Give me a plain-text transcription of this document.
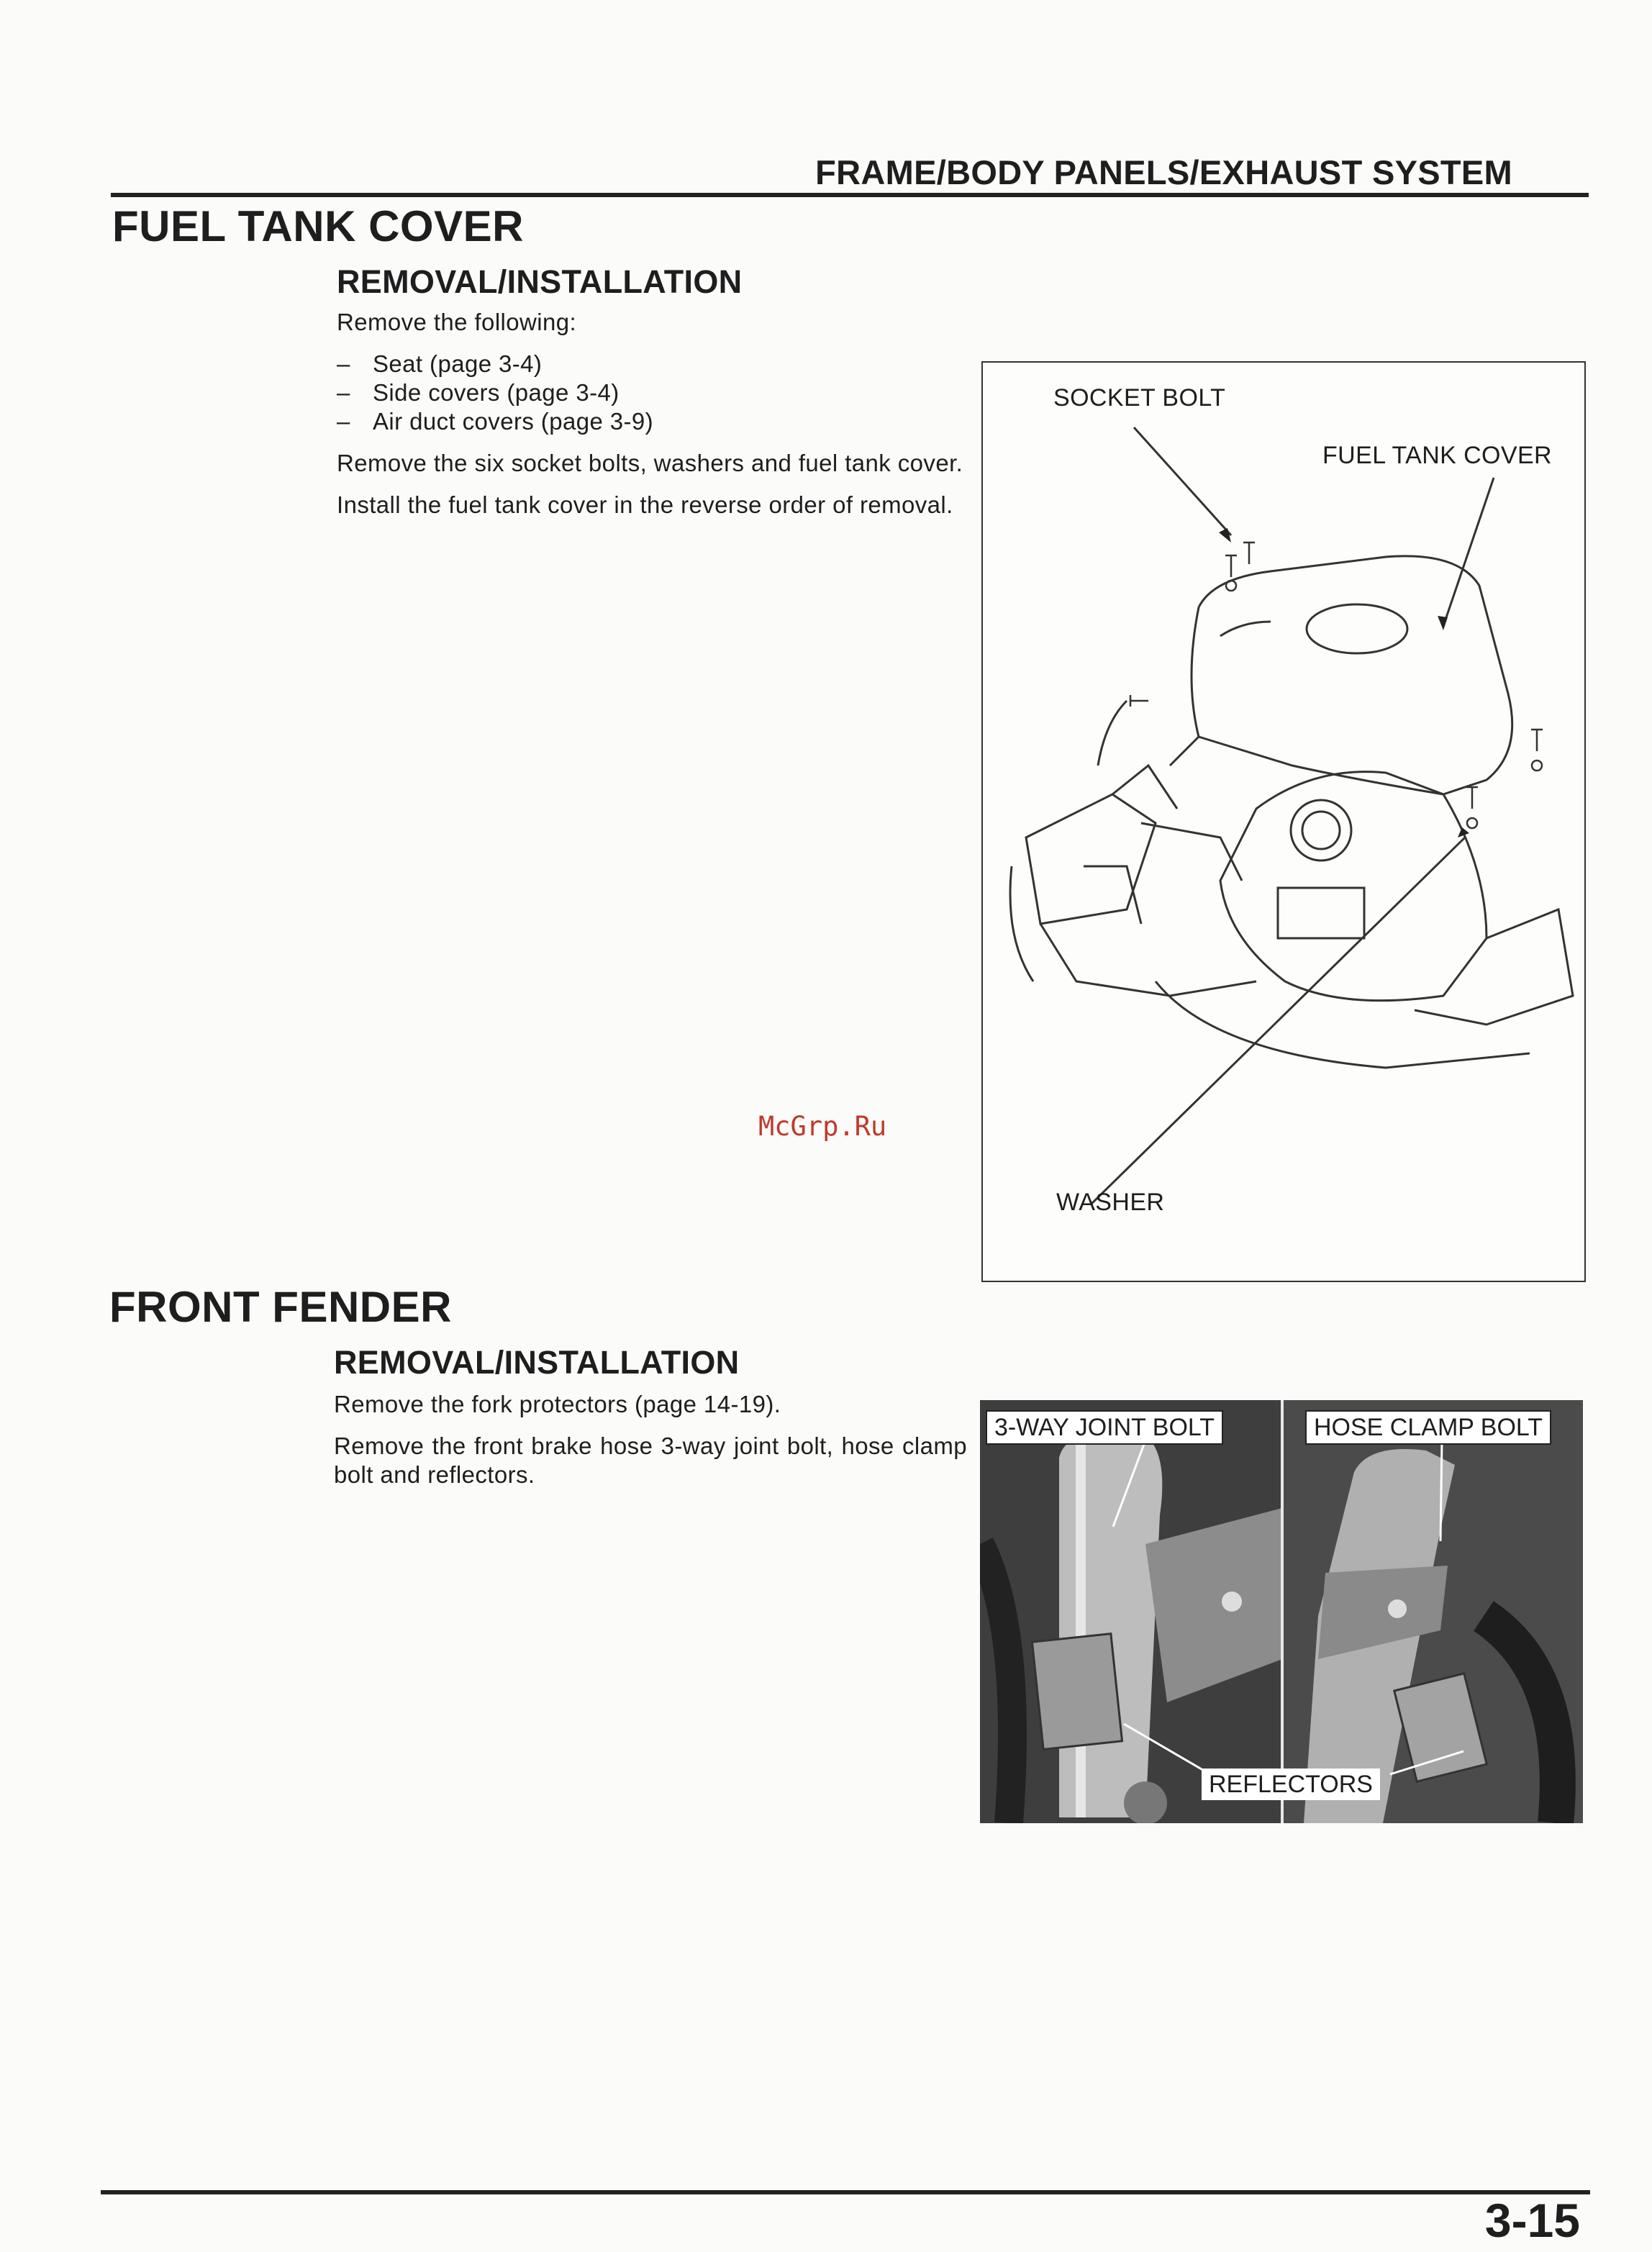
FRAME/BODY PANELS/EXHAUST SYSTEM
FUEL TANK COVER
REMOVAL/INSTALLATION
Remove the following:
– Seat (page 3-4)
– Side covers (page 3-4)
– Air duct covers (page 3-9)
Remove the six socket bolts, washers and fuel tank cover.
Install the fuel tank cover in the reverse order of removal.
SOCKET BOLT
FUEL TANK COVER
WASHER
McGrp.Ru
FRONT FENDER
REMOVAL/INSTALLATION
Remove the fork protectors (page 14-19).
Remove the front brake hose 3-way joint bolt, hose clamp bolt and reflectors.
3-WAY JOINT BOLT	HOSE CLAMP BOLT
REFLECTORS
3-15
